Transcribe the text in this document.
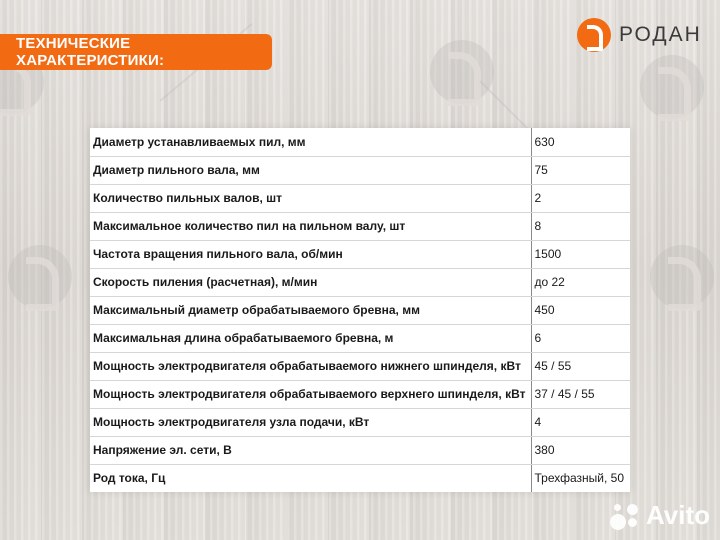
ТЕХНИЧЕСКИЕ ХАРАКТЕРИСТИКИ:
РОДАН
Диаметр устанавливаемых пил, мм	630
Диаметр пильного вала, мм	75
Количество пильных валов, шт	2
Максимальное количество пил на пильном валу, шт	8
Частота вращения пильного вала, об/мин	1500
Скорость пиления (расчетная), м/мин	до 22
Максимальный диаметр обрабатываемого бревна, мм	450
Максимальная длина обрабатываемого бревна, м	6
Мощность электродвигателя обрабатываемого нижнего шпинделя, кВт	45 / 55
Мощность электродвигателя обрабатываемого верхнего шпинделя, кВт	37 / 45 / 55
Мощность электродвигателя узла подачи, кВт	4
Напряжение эл. сети, В	380
Род тока, Гц	Трехфазный, 50
Avito
